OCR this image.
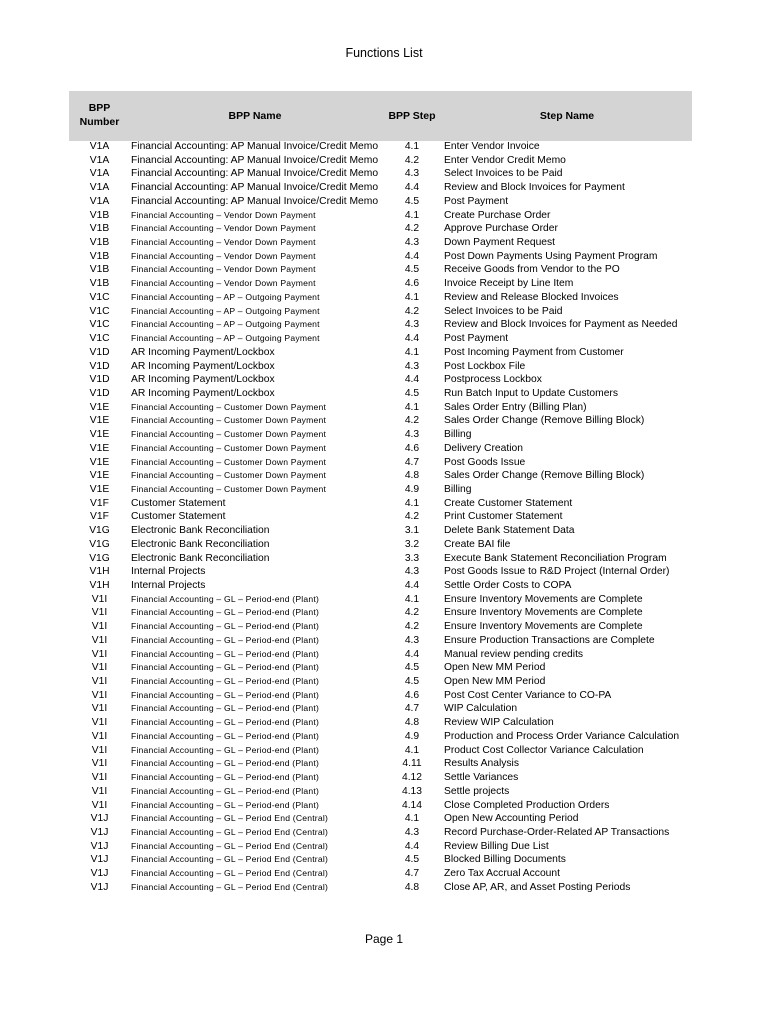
Functions List
BPP Number	BPP Name	BPP Step	Step Name
V1A	Financial Accounting: AP Manual Invoice/Credit Memo	4.1	Enter Vendor Invoice
V1A	Financial Accounting: AP Manual Invoice/Credit Memo	4.2	Enter Vendor Credit Memo
V1A	Financial Accounting: AP Manual Invoice/Credit Memo	4.3	Select Invoices to be Paid
V1A	Financial Accounting: AP Manual Invoice/Credit Memo	4.4	Review and Block Invoices for Payment
V1A	Financial Accounting: AP Manual Invoice/Credit Memo	4.5	Post Payment
V1B	Financial Accounting – Vendor Down Payment	4.1	Create Purchase Order
V1B	Financial Accounting – Vendor Down Payment	4.2	Approve Purchase Order
V1B	Financial Accounting – Vendor Down Payment	4.3	Down Payment Request
V1B	Financial Accounting – Vendor Down Payment	4.4	Post Down Payments Using Payment Program
V1B	Financial Accounting – Vendor Down Payment	4.5	Receive Goods from Vendor to the PO
V1B	Financial Accounting – Vendor Down Payment	4.6	Invoice Receipt by Line Item
V1C	Financial Accounting – AP – Outgoing Payment	4.1	Review and Release Blocked Invoices
V1C	Financial Accounting – AP – Outgoing Payment	4.2	Select Invoices to be Paid
V1C	Financial Accounting – AP – Outgoing Payment	4.3	Review and Block Invoices for Payment as Needed
V1C	Financial Accounting – AP – Outgoing Payment	4.4	Post Payment
V1D	AR Incoming Payment/Lockbox	4.1	Post Incoming Payment from Customer
V1D	AR Incoming Payment/Lockbox	4.3	Post Lockbox File
V1D	AR Incoming Payment/Lockbox	4.4	Postprocess Lockbox
V1D	AR Incoming Payment/Lockbox	4.5	Run Batch Input to Update Customers
V1E	Financial Accounting – Customer Down Payment	4.1	Sales Order Entry (Billing Plan)
V1E	Financial Accounting – Customer Down Payment	4.2	Sales Order Change (Remove Billing Block)
V1E	Financial Accounting – Customer Down Payment	4.3	Billing
V1E	Financial Accounting – Customer Down Payment	4.6	Delivery Creation
V1E	Financial Accounting – Customer Down Payment	4.7	Post Goods Issue
V1E	Financial Accounting – Customer Down Payment	4.8	Sales Order Change (Remove Billing Block)
V1E	Financial Accounting – Customer Down Payment	4.9	Billing
V1F	Customer Statement	4.1	Create Customer Statement
V1F	Customer Statement	4.2	Print Customer Statement
V1G	Electronic Bank Reconciliation	3.1	Delete Bank Statement Data
V1G	Electronic Bank Reconciliation	3.2	Create BAI file
V1G	Electronic Bank Reconciliation	3.3	Execute Bank Statement Reconciliation Program
V1H	Internal Projects	4.3	Post Goods Issue to R&D Project (Internal Order)
V1H	Internal Projects	4.4	Settle Order Costs to COPA
V1I	Financial Accounting – GL – Period-end (Plant)	4.1	Ensure Inventory Movements are Complete
V1I	Financial Accounting – GL – Period-end (Plant)	4.2	Ensure Inventory Movements are Complete
V1I	Financial Accounting – GL – Period-end (Plant)	4.2	Ensure Inventory Movements are Complete
V1I	Financial Accounting – GL – Period-end (Plant)	4.3	Ensure Production Transactions are Complete
V1I	Financial Accounting – GL – Period-end (Plant)	4.4	Manual review pending credits
V1I	Financial Accounting – GL – Period-end (Plant)	4.5	Open New MM Period
V1I	Financial Accounting – GL – Period-end (Plant)	4.5	Open New MM Period
V1I	Financial Accounting – GL – Period-end (Plant)	4.6	Post Cost Center Variance to CO-PA
V1I	Financial Accounting – GL – Period-end (Plant)	4.7	WIP Calculation
V1I	Financial Accounting – GL – Period-end (Plant)	4.8	Review WIP Calculation
V1I	Financial Accounting – GL – Period-end (Plant)	4.9	Production and Process Order Variance Calculation
V1I	Financial Accounting – GL – Period-end (Plant)	4.1	Product Cost Collector Variance Calculation
V1I	Financial Accounting – GL – Period-end (Plant)	4.11	Results Analysis
V1I	Financial Accounting – GL – Period-end (Plant)	4.12	Settle Variances
V1I	Financial Accounting – GL – Period-end (Plant)	4.13	Settle projects
V1I	Financial Accounting – GL – Period-end (Plant)	4.14	Close Completed Production Orders
V1J	Financial Accounting – GL – Period End (Central)	4.1	Open New Accounting Period
V1J	Financial Accounting – GL – Period End (Central)	4.3	Record Purchase-Order-Related AP Transactions
V1J	Financial Accounting – GL – Period End (Central)	4.4	Review Billing Due List
V1J	Financial Accounting – GL – Period End (Central)	4.5	Blocked Billing Documents
V1J	Financial Accounting – GL – Period End (Central)	4.7	Zero Tax Accrual Account
V1J	Financial Accounting – GL – Period End (Central)	4.8	Close AP, AR, and Asset Posting Periods
Page 1
